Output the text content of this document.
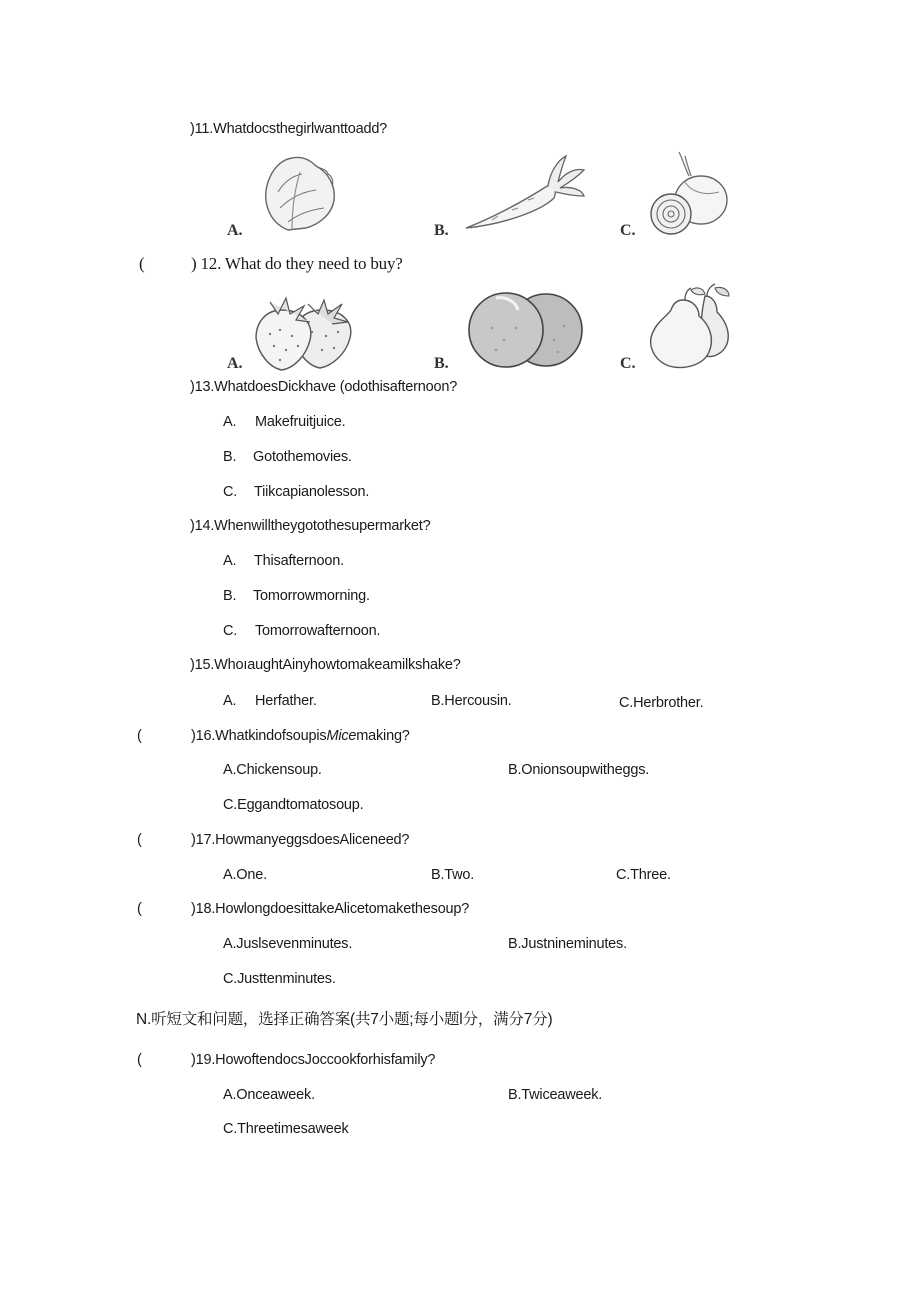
)11.Whatdocsthegirlwanttoadd?
A.	B.	C.
(	) 12. What do they need to buy?
A.	B.	C.
)13.WhatdoesDickhave (odothisafternoon?
A. Makefruitjuice.
B. Gotothemovies.
C. Tiikcapianolesson.
)14.Whenwilltheygotothesupermarket?
A. Thisafternoon.
B. Tomorrowmorning.
C. Tomorrowafternoon.
)15.WhoıaughtAinyhowtomakeamilkshake?
A. Herfather.	B.Hercousin.	C.Herbrother.
(	)16.WhatkindofsoupisMicemaking?
A.Chickensoup.	B.Onionsoupwitheggs.
C.Eggandtomatosoup.
(	)17.HowmanyeggsdoesAliceneed?
A.One.	B.Two.	C.Three.
(	)18.HowlongdoesittakeAlicetomakethesoup?
A.Juslsevenminutes.	B.Justnineminutes.
C.Justtenminutes.
N.听短文和问题，选择正确答案(共7小题;每小题l分，满分7分)
(	)19.HowoftendocsJoccookforhisfamily?
A.Onceaweek.	B.Twiceaweek.
C.Threetimesaweek
